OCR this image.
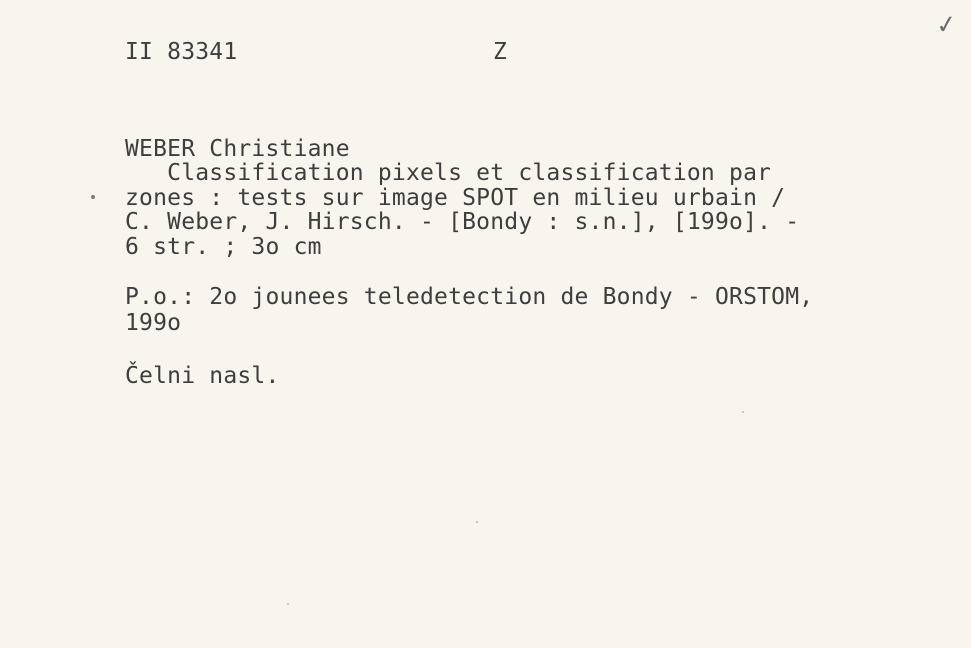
II 83341	Z
✓
WEBER Christiane
Classification pixels et classification par
zones : tests sur image SPOT en milieu urbain /
C. Weber, J. Hirsch. - [Bondy : s.n.], [199o]. -
6 str. ; 3o cm
P.o.: 2o jounees teledetection de Bondy - ORSTOM,
199o
Čelni nasl.
